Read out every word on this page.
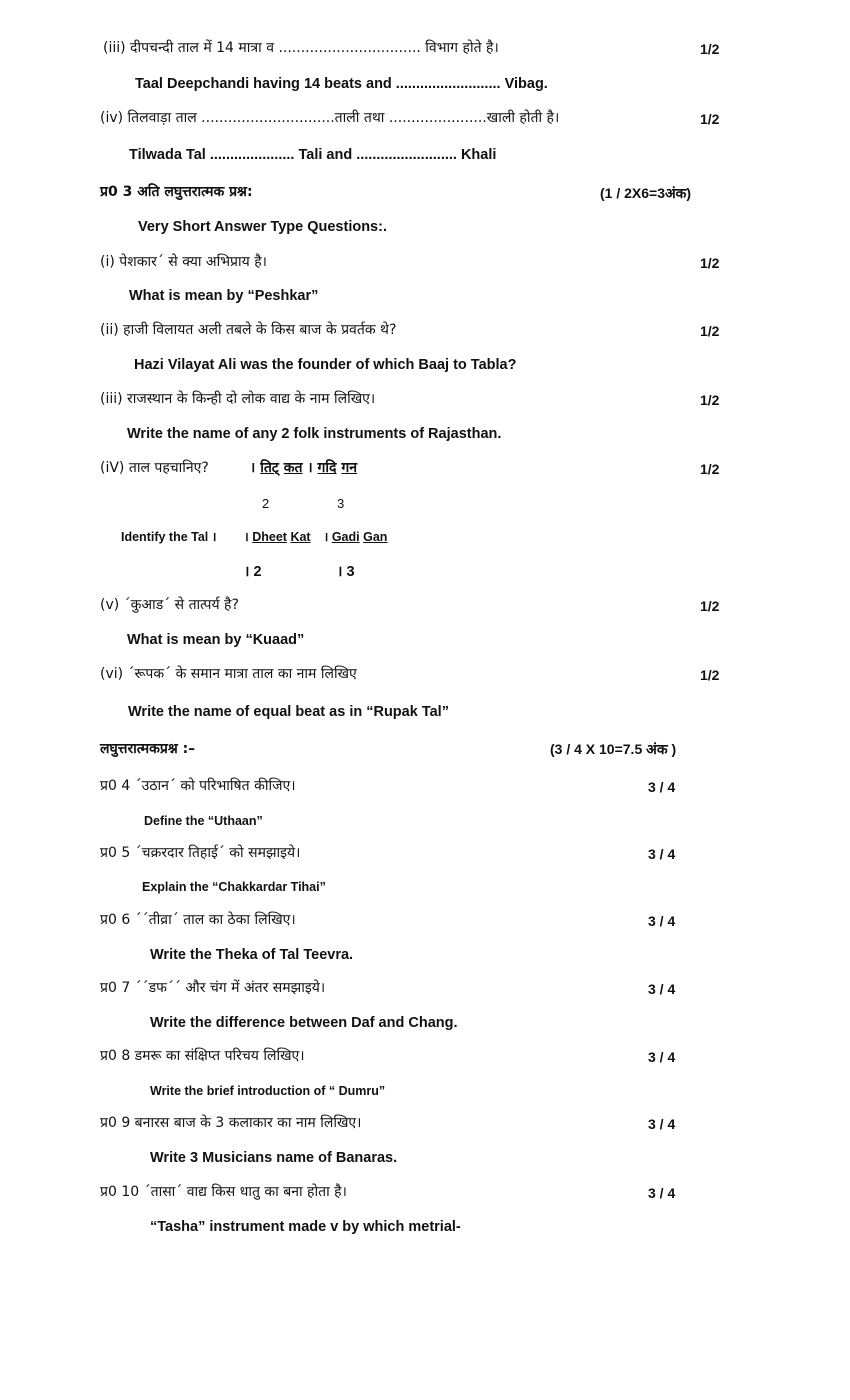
(iii) दीपचन्दी ताल में 14 मात्रा व ................................ विभाग होते है।	1/2
Taal Deepchandi having 14 beats and .......................... Vibag.
(iv) तिलवाड़ा ताल ..............................ताली तथा ......................खाली होती है।	1/2
Tilwada Tal ..................... Tali and ......................... Khali
प्र0 3 अति लघुत्तरात्मक प्रश्न:	(1 / 2X6=3अंक)
Very Short Answer Type Questions:.
(i) पेशकार´ से क्या अभिप्राय है।	1/2
What is mean by “Peshkar”
(ii) हाजी विलायत अली तबले के किस बाज के प्रवर्तक थे?	1/2
Hazi Vilayat Ali was the founder of which Baaj to Tabla?
(iii) राजस्थान के किन्ही दो लोक वाद्य के नाम लिखिए।	1/2
Write the name of any 2 folk instruments of Rajasthan.
(iV) ताल पहचानिए?	। तिट् कत । गदि गन	1/2
2	3
Identify the Tal । । Dheet Kat । Gadi Gan
। 2	। 3
(v) ´कुआड´ से तात्पर्य है?	1/2
What is mean by “Kuaad”
(vi) ´रूपक´ के समान मात्रा ताल का नाम लिखिए	1/2
Write the name of equal beat as in “Rupak Tal”
लघुत्तरात्मकप्रश्न :–	(3 / 4 X 10=7.5 अंक )
प्र0 4 ´उठान´ को परिभाषित कीजिए।	3 / 4
Define the “Uthaan”
प्र0 5 ´चक्ररदार तिहाई´ को समझाइये।	3 / 4
Explain the “Chakkardar Tihai”
प्र0 6 ´´तीव्रा´ ताल का ठेका लिखिए।	3 / 4
Write the Theka of Tal Teevra.
प्र0 7 ´´डफ´´ और चंग में अंतर समझाइये।	3 / 4
Write the difference between Daf and Chang.
प्र0 8 डमरू का संक्षिप्त परिचय लिखिए।	3 / 4
Write the brief introduction of “ Dumru”
प्र0 9 बनारस बाज के 3 कलाकार का नाम लिखिए।	3 / 4
Write 3 Musicians name of Banaras.
प्र0 10 ´तासा´ वाद्य किस धातु का बना होता है।	3 / 4
“Tasha” instrument made v by which metrial-
